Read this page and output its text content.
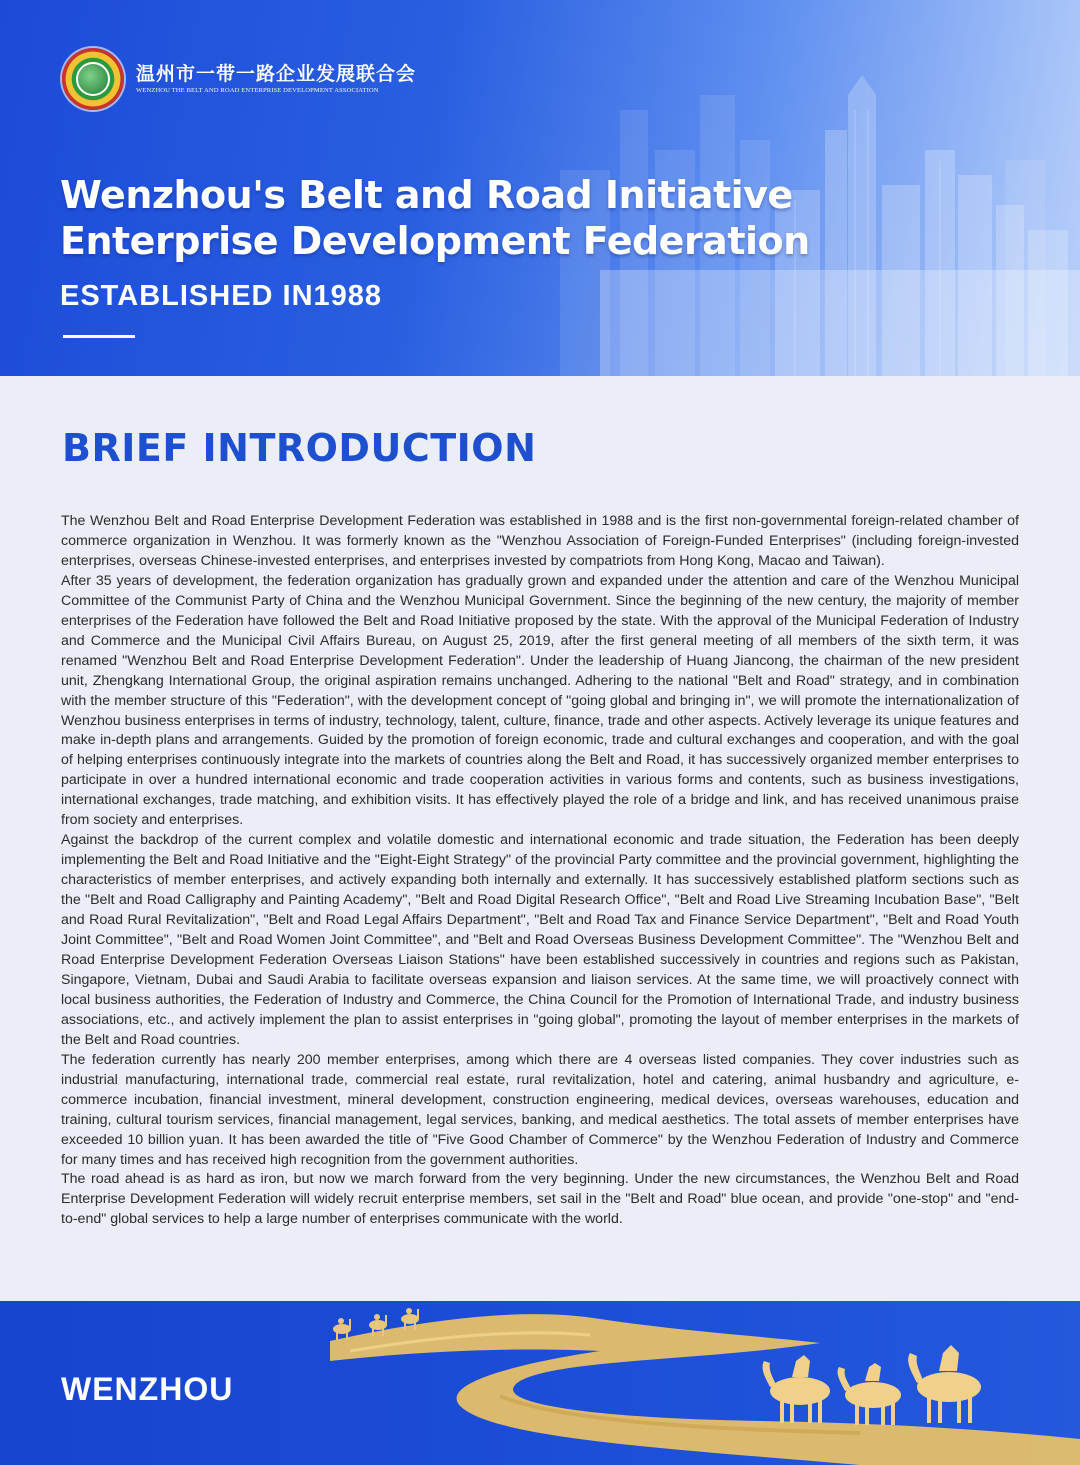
温州市一带一路企业发展联合会
WENZHOU THE BELT AND ROAD ENTERPRISE DEVELOPMENT ASSOCIATION
Wenzhou's Belt and Road Initiative
Enterprise Development Federation
ESTABLISHED IN1988
BRIEF INTRODUCTION

The Wenzhou Belt and Road Enterprise Development Federation was established in 1988 and is the first non-governmental foreign-related chamber of commerce organization in Wenzhou. It was formerly known as the "Wenzhou Association of Foreign-Funded Enterprises" (including foreign-invested enterprises, overseas Chinese-invested enterprises, and enterprises invested by compatriots from Hong Kong, Macao and Taiwan).

After 35 years of development, the federation organization has gradually grown and expanded under the attention and care of the Wenzhou Municipal Committee of the Communist Party of China and the Wenzhou Municipal Government. Since the beginning of the new century, the majority of member enterprises of the Federation have followed the Belt and Road Initiative proposed by the state. With the approval of the Municipal Federation of Industry and Commerce and the Municipal Civil Affairs Bureau, on August 25, 2019, after the first general meeting of all members of the sixth term, it was renamed "Wenzhou Belt and Road Enterprise Development Federation". Under the leadership of Huang Jiancong, the chairman of the new president unit, Zhengkang International Group, the original aspiration remains unchanged. Adhering to the national "Belt and Road" strategy, and in combination with the member structure of this "Federation", with the development concept of "going global and bringing in", we will promote the internationalization of Wenzhou business enterprises in terms of industry, technology, talent, culture, finance, trade and other aspects. Actively leverage its unique features and make in-depth plans and arrangements. Guided by the promotion of foreign economic, trade and cultural exchanges and cooperation, and with the goal of helping enterprises continuously integrate into the markets of countries along the Belt and Road, it has successively organized member enterprises to participate in over a hundred international economic and trade cooperation activities in various forms and contents, such as business investigations, international exchanges, trade matching, and exhibition visits. It has effectively played the role of a bridge and link, and has received unanimous praise from society and enterprises.

Against the backdrop of the current complex and volatile domestic and international economic and trade situation, the Federation has been deeply implementing the Belt and Road Initiative and the "Eight-Eight Strategy" of the provincial Party committee and the provincial government, highlighting the characteristics of member enterprises, and actively expanding both internally and externally. It has successively established platform sections such as the "Belt and Road Calligraphy and Painting Academy", "Belt and Road Digital Research Office", "Belt and Road Live Streaming Incubation Base", "Belt and Road Rural Revitalization", "Belt and Road Legal Affairs Department", "Belt and Road Tax and Finance Service Department", "Belt and Road Youth Joint Committee", "Belt and Road Women Joint Committee", and "Belt and Road Overseas Business Development Committee". The "Wenzhou Belt and Road Enterprise Development Federation Overseas Liaison Stations" have been established successively in countries and regions such as Pakistan, Singapore, Vietnam, Dubai and Saudi Arabia to facilitate overseas expansion and liaison services. At the same time, we will proactively connect with local business authorities, the Federation of Industry and Commerce, the China Council for the Promotion of International Trade, and industry business associations, etc., and actively implement the plan to assist enterprises in "going global", promoting the layout of member enterprises in the markets of the Belt and Road countries.

The federation currently has nearly 200 member enterprises, among which there are 4 overseas listed companies. They cover industries such as industrial manufacturing, international trade, commercial real estate, rural revitalization, hotel and catering, animal husbandry and agriculture, e-commerce incubation, financial investment, mineral development, construction engineering, medical devices, overseas warehouses, education and training, cultural tourism services, financial management, legal services, banking, and medical aesthetics. The total assets of member enterprises have exceeded 10 billion yuan. It has been awarded the title of "Five Good Chamber of Commerce" by the Wenzhou Federation of Industry and Commerce for many times and has received high recognition from the government authorities.

The road ahead is as hard as iron, but now we march forward from the very beginning. Under the new circumstances, the Wenzhou Belt and Road Enterprise Development Federation will widely recruit enterprise members, set sail in the "Belt and Road" blue ocean, and provide "one-stop" and "end-to-end" global services to help a large number of enterprises communicate with the world.

WENZHOU
